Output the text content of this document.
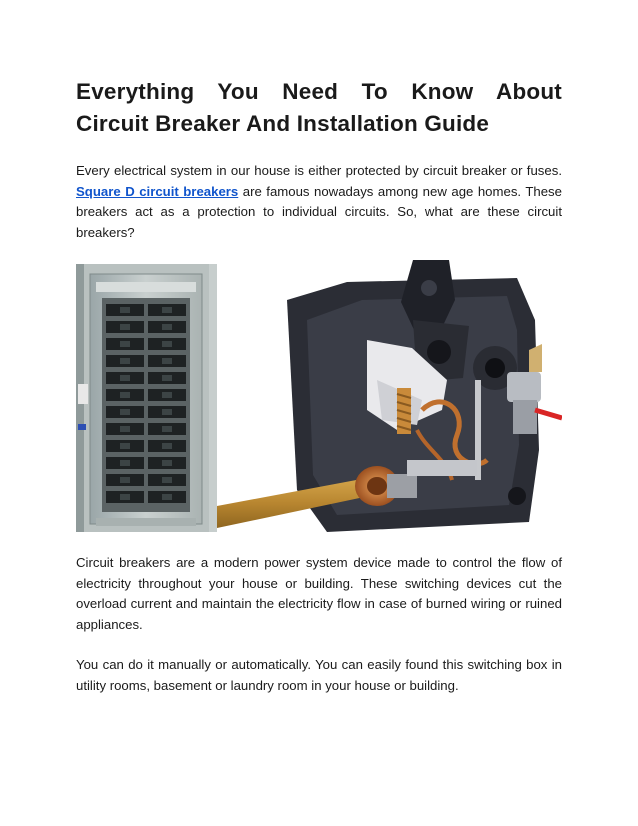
Everything You Need To Know About
Circuit Breaker And Installation Guide

Every electrical system in our house is either protected by circuit breaker or fuses. Square D circuit breakers are famous nowadays among new age homes. These breakers act as a protection to individual circuits. So, what are these circuit breakers?

Circuit breakers are a modern power system device made to control the flow of electricity throughout your house or building. These switching devices cut the overload current and maintain the electricity flow in case of burned wiring or ruined appliances.

You can do it manually or automatically. You can easily found this switching box in utility rooms, basement or laundry room in your house or building.
